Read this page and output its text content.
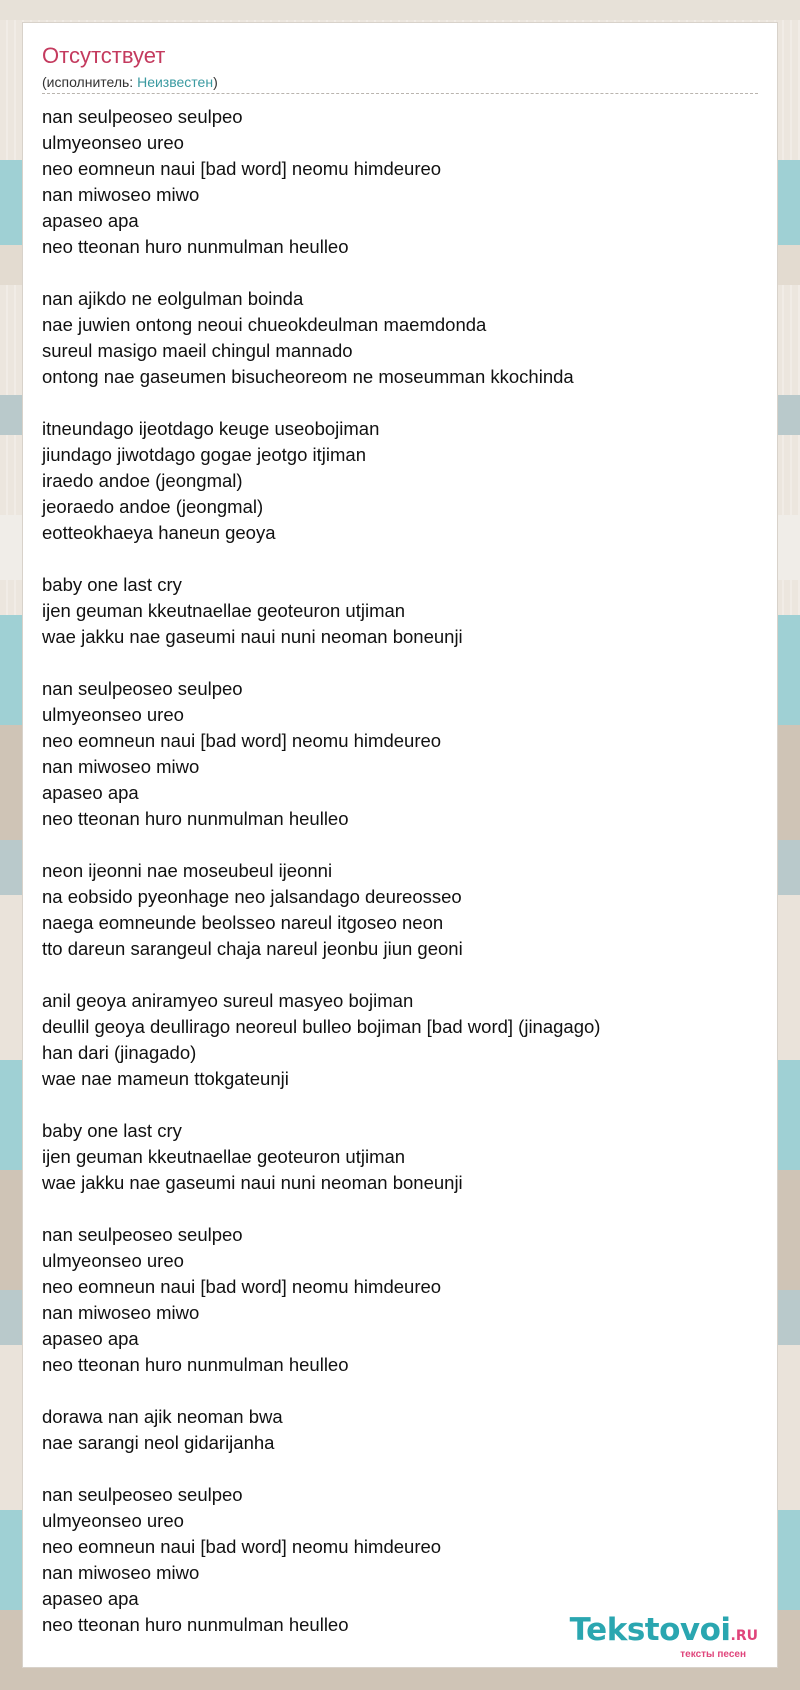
Отсутствует
(исполнитель: Неизвестен)
nan seulpeoseo seulpeo
ulmyeonseo ureo
neo eomneun naui [bad word] neomu himdeureo
nan miwoseo miwo
apaseo apa
neo tteonan huro nunmulman heulleo
nan ajikdo ne eolgulman boinda
nae juwien ontong neoui chueokdeulman maemdonda
sureul masigo maeil chingul mannado
ontong nae gaseumen bisucheoreom ne moseumman kkochinda
itneundago ijeotdago keuge useobojiman
jiundago jiwotdago gogae jeotgo itjiman
iraedo andoe (jeongmal)
jeoraedo andoe (jeongmal)
eotteokhaeya haneun geoya
baby one last cry
ijen geuman kkeutnaellae geoteuron utjiman
wae jakku nae gaseumi naui nuni neoman boneunji
nan seulpeoseo seulpeo
ulmyeonseo ureo
neo eomneun naui [bad word] neomu himdeureo
nan miwoseo miwo
apaseo apa
neo tteonan huro nunmulman heulleo
neon ijeonni nae moseubeul ijeonni
na eobsido pyeonhage neo jalsandago deureosseo
naega eomneunde beolsseo nareul itgoseo neon
tto dareun sarangeul chaja nareul jeonbu jiun geoni
anil geoya aniramyeo sureul masyeo bojiman
deullil geoya deullirago neoreul bulleo bojiman [bad word] (jinagago)
han dari (jinagado)
wae nae mameun ttokgateunji
baby one last cry
ijen geuman kkeutnaellae geoteuron utjiman
wae jakku nae gaseumi naui nuni neoman boneunji
nan seulpeoseo seulpeo
ulmyeonseo ureo
neo eomneun naui [bad word] neomu himdeureo
nan miwoseo miwo
apaseo apa
neo tteonan huro nunmulman heulleo
dorawa nan ajik neoman bwa
nae sarangi neol gidarijanha
nan seulpeoseo seulpeo
ulmyeonseo ureo
neo eomneun naui [bad word] neomu himdeureo
nan miwoseo miwo
apaseo apa
neo tteonan huro nunmulman heulleo	Tekstovoi.RU
тексты песен
